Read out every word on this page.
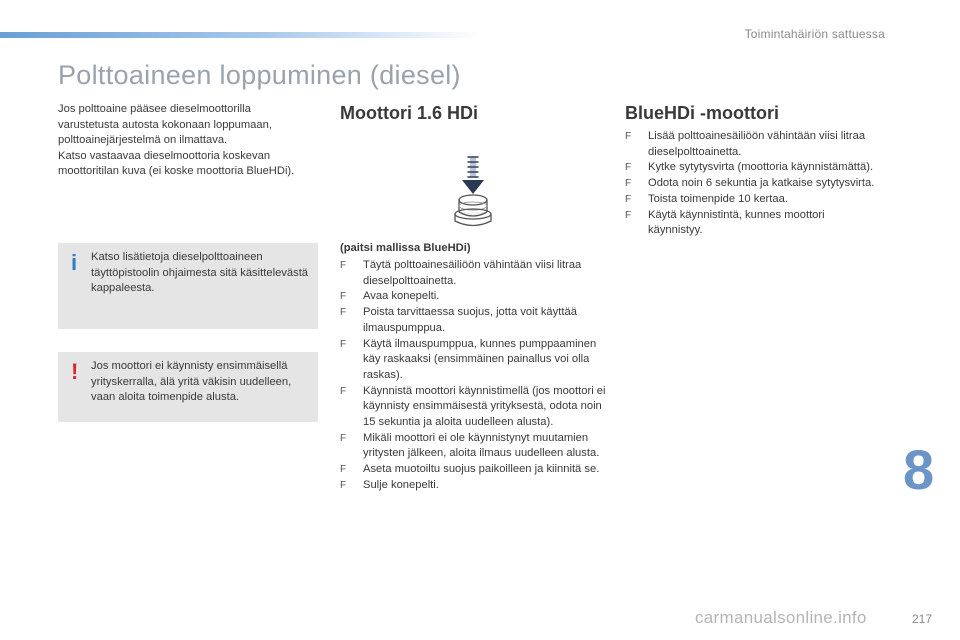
Toimintahäiriön sattuessa
Polttoaineen loppuminen (diesel)

Jos polttoaine pääsee dieselmoottorilla

varustetusta autosta kokonaan loppumaan,

polttoainejärjestelmä on ilmattava.

Katso vastaavaa dieselmoottoria koskevan

moottoritilan kuva (ei koske moottoria BlueHDi).

i Katso lisätietoja dieselpolttoaineen täyttöpistoolin ohjaimesta sitä käsittelevästä kappaleesta.
! Jos moottori ei käynnisty ensimmäisellä yrityskerralla, älä yritä väkisin uudelleen, vaan aloita toimenpide alusta.
Moottori 1.6 HDi
(paitsi mallissa BlueHDi)
F Täytä polttoainesäiliöön vähintään viisi litraa dieselpolttoainetta.
F Avaa konepelti.
F Poista tarvittaessa suojus, jotta voit käyttää ilmauspumppua.
F Käytä ilmauspumppua, kunnes pumppaaminen käy raskaaksi (ensimmäinen painallus voi olla raskas).
F Käynnistä moottori käynnistimellä (jos moottori ei käynnisty ensimmäisestä yrityksestä, odota noin 15 sekuntia ja aloita uudelleen alusta).
F Mikäli moottori ei ole käynnistynyt muutamien yritysten jälkeen, aloita ilmaus uudelleen alusta.
F Aseta muotoiltu suojus paikoilleen ja kiinnitä se.
F Sulje konepelti.
BlueHDi -moottori
F Lisää polttoainesäiliöön vähintään viisi litraa dieselpolttoainetta.
F Kytke sytytysvirta (moottoria käynnistämättä).
F Odota noin 6 sekuntia ja katkaise sytytysvirta.
F Toista toimenpide 10 kertaa.
F Käytä käynnistintä, kunnes moottori käynnistyy.
8
carmanualsonline.info	217
